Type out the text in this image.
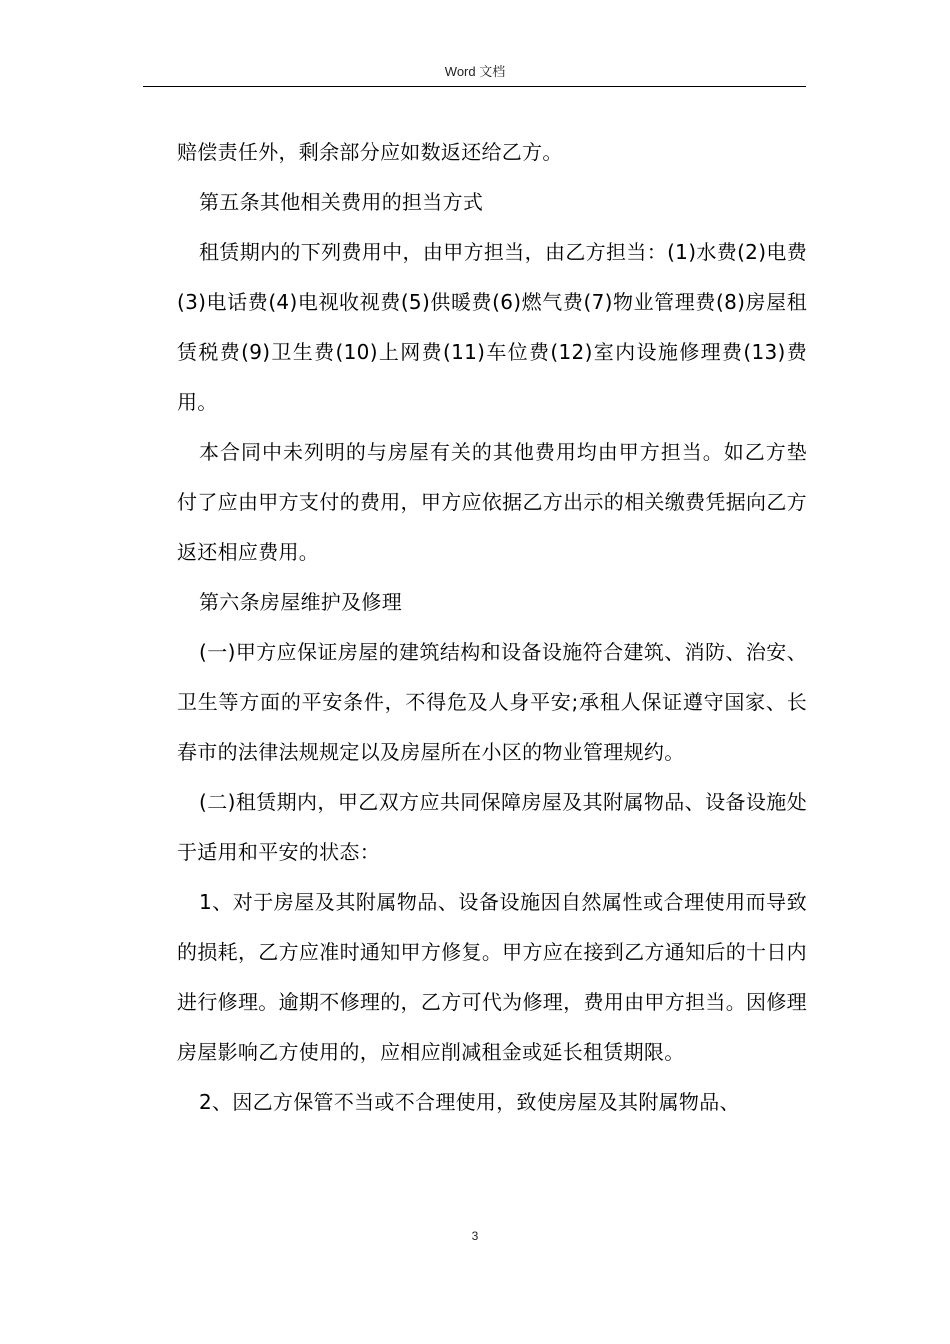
Word 文档

赔偿责任外，剩余部分应如数返还给乙方。

第五条其他相关费用的担当方式

租赁期内的下列费用中，由甲方担当，由乙方担当：(1)水费(2)电费(3)电话费(4)电视收视费(5)供暖费(6)燃气费(7)物业管理费(8)房屋租赁税费(9)卫生费(10)上网费(11)车位费(12)室内设施修理费(13)费用。

本合同中未列明的与房屋有关的其他费用均由甲方担当。如乙方垫付了应由甲方支付的费用，甲方应依据乙方出示的相关缴费凭据向乙方返还相应费用。

第六条房屋维护及修理

(一)甲方应保证房屋的建筑结构和设备设施符合建筑、消防、治安、卫生等方面的平安条件，不得危及人身平安;承租人保证遵守国家、长春市的法律法规规定以及房屋所在小区的物业管理规约。

(二)租赁期内，甲乙双方应共同保障房屋及其附属物品、设备设施处于适用和平安的状态：

1、对于房屋及其附属物品、设备设施因自然属性或合理使用而导致的损耗，乙方应准时通知甲方修复。甲方应在接到乙方通知后的十日内进行修理。逾期不修理的，乙方可代为修理，费用由甲方担当。因修理房屋影响乙方使用的，应相应削减租金或延长租赁期限。

2、因乙方保管不当或不合理使用，致使房屋及其附属物品、

3
